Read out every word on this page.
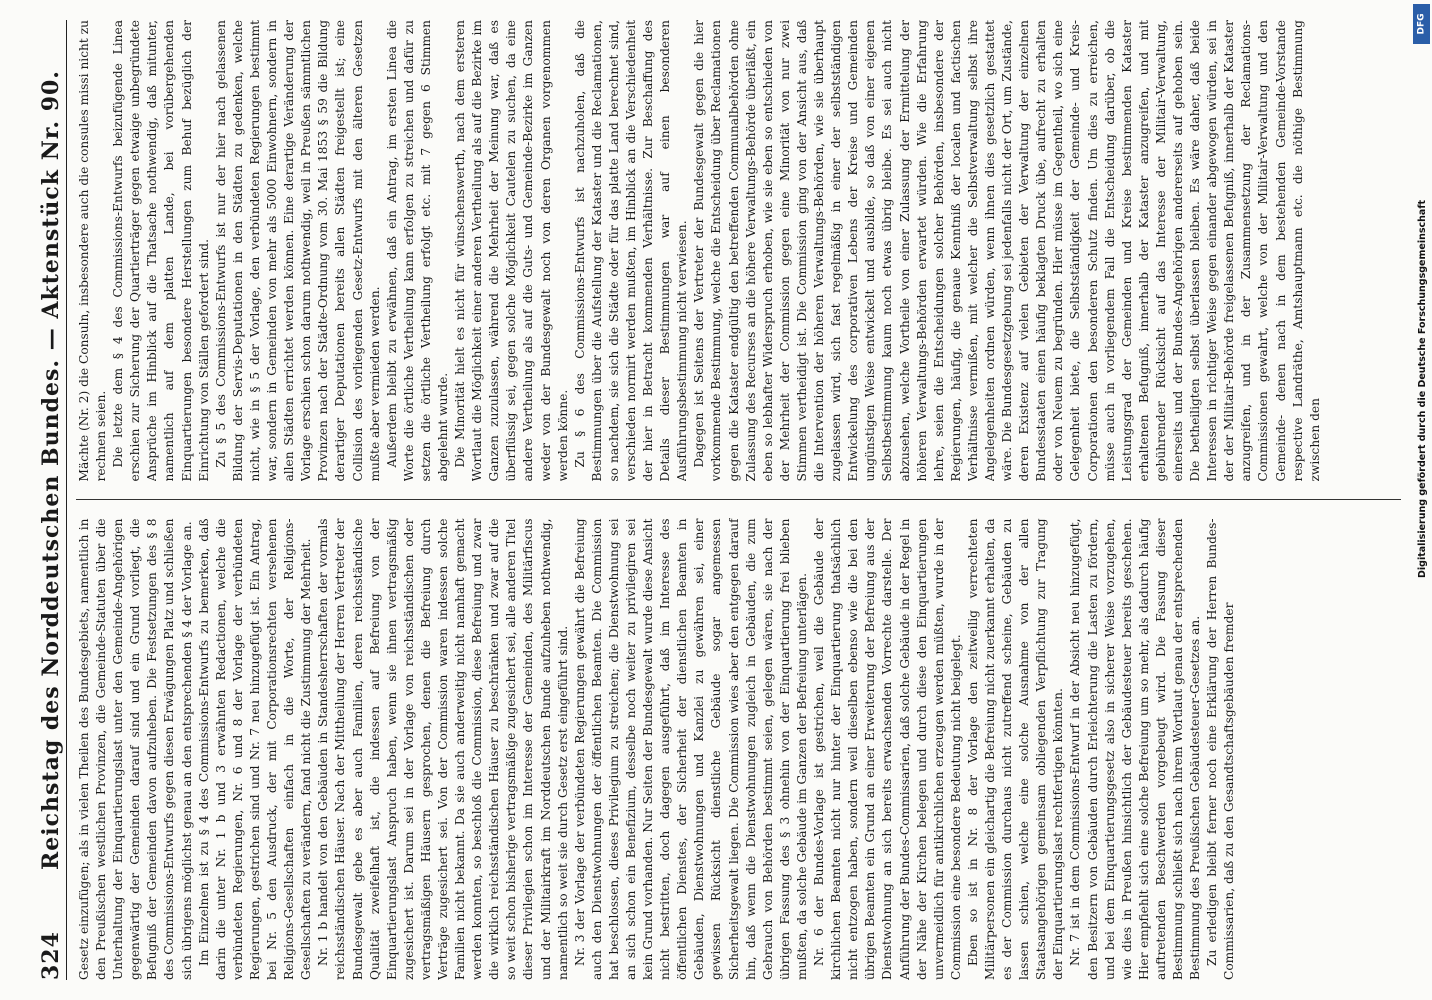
324
Reichstag des Norddeutschen Bundes. — Aktenstück Nr. 90.

Gesetz einzufügen; als in vielen Theilen des Bundesgebiets, namentlich in den Preußischen westlichen Provinzen, die Gemeinde-Statuten über die Unterhaltung der Einquartierungslast unter den Gemeinde-Angehörigen gegenwärtig der Gemeinden darauf sind und ein Grund vorliegt, die Befugniß der Gemeinden davon aufzuheben. Die Festsetzungen des § 8 des Commissions-Entwurfs gegen diesen Erwägungen Platz und schließen sich übrigens möglichst genau an den entsprechenden § 4 der Vorlage an. Im Einzelnen ist zu § 4 des Commissions-Entwurfs zu bemerken, daß darin die unter Nr. 1 b und 3 erwähnten Redactionen, welche die verbündeten Regierungen, Nr. 6 und 8 der Vorlage der verbündeten Regierungen, gestrichen sind und Nr. 7 neu hinzugefügt ist. Ein Antrag, bei Nr. 5 den Ausdruck, der mit Corporationsrechten versehenen Religions-Gesellschaften einfach in die Worte, der Religions-Gesellschaften zu verändern, fand nicht die Zustimmung der Mehrheit. Nr. 1 b handelt von den Gebäuden in Standesherrschaften der vormals reichsständischen Häuser. Nach der Mittheilung der Herren Vertreter der Bundesgewalt gebe es aber auch Familien, deren reichsständische Qualität zweifelhaft ist, die indessen auf Befreiung von der Einquartierungslast Anspruch haben, wenn sie ihnen vertragsmäßig zugesichert ist. Darum sei in der Vorlage von reichsständischen oder vertragsmäßigen Häusern gesprochen, denen die Befreiung durch Verträge zugesichert sei. Von der Commission waren indessen solche Familien nicht bekannt. Da sie auch anderweitig nicht namhaft gemacht werden konnten, so beschloß die Commission, diese Befreiung und zwar die wirklich reichsständischen Häuser zu beschränken und zwar auf die so weit schon bisherige vertragsmäßige zugesichert sei, alle anderen Titel dieser Privilegien schon im Interesse der Gemeinden, des Militärfiscus und der Militairkraft im Norddeutschen Bunde aufzuheben nothwendig, namentlich so weit sie durch Gesetz erst eingeführt sind. Nr. 3 der Vorlage der verbündeten Regierungen gewährt die Befreiung auch den Dienstwohnungen der öffentlichen Beamten. Die Commission hat beschlossen, dieses Privilegium zu streichen; die Dienstwohnung sei an sich schon ein Benefizium, desselbe noch weiter zu privilegiren sei kein Grund vorhanden. Nur Seiten der Bundesgewalt wurde diese Ansicht nicht bestritten, doch dagegen ausgeführt, daß im Interesse des öffentlichen Dienstes, der Sicherheit der dienstlichen Beamten in Gebäuden, Dienstwohnungen und Kanzlei zu gewähren sei, einer gewissen Rücksicht dienstliche Gebäude sogar angemessen Sicherheitsgewalt liegen. Die Commission wies aber den entgegen darauf hin, daß wenn die Dienstwohnungen zugleich in Gebäuden, die zum Gebrauch von Behörden bestimmt seien, gelegen wären, sie nach der übrigen Fassung des § 3 ohnehin von der Einquartierung frei blieben mußten, da solche Gebäude im Ganzen der Befreiung unterlägen. Nr. 6 der Bundes-Vorlage ist gestrichen, weil die Gebäude der kirchlichen Beamten nicht nur hinter der Einquartierung thatsächlich nicht entzogen haben, sondern weil dieselben ebenso wie die bei den übrigen Beamten ein Grund an einer Erweiterung der Befreiung aus der Dienstwohnung an sich bereits erwachsenden Vorrechte darstelle. Der Anführung der Bundes-Commissarien, daß solche Gebäude in der Regel in der Nähe der Kirchen belegen und durch diese den Einquartierungen unvermeidlich für antikirchlichen erzeugen werden müßten, wurde in der Commission eine besondere Bedeutung nicht beigelegt. Eben so ist in Nr. 8 der Vorlage den zeitweilig verrechteten Militärpersonen ein gleichartig die Befreiung nicht zuerkannt erhalten, da es der Commission durchaus nicht zutreffend scheine, Gebäuden zu lassen schien, welche eine solche Ausnahme von der allen Staatsangehörigen gemeinsam obliegenden Verpflichtung zur Tragung der Einquartierungslast rechtfertigen könnten. Nr. 7 ist in dem Commissions-Entwurf in der Absicht neu hinzugefügt, den Besitzern von Gebäuden durch Erleichterung die Lasten zu fördern, und bei dem Einquartierungsgesetz also in sicherer Weise vorzugehen, wie dies in Preußen hinsichtlich der Gebäudesteuer bereits geschehen. Hier empfiehlt sich eine solche Befreiung um so mehr, als dadurch häufig auftretenden Beschwerden vorgebeugt wird. Die Fassung dieser Bestimmung schließt sich nach ihrem Wortlaut genau der entsprechenden Bestimmung des Preußischen Gebäudesteuer-Gesetzes an. Zu erledigen bleibt ferner noch eine Erklärung der Herren Bundes-Commissarien, daß zu den Gesandtschaftsgebäuden fremder

Mächte (Nr. 2) die Consuln, insbesondere auch die consules missi nicht zu rechnen seien. Die letzte dem § 4 des Commissions-Entwurfs beizufügende Linea erschien zur Sicherung der Quartierträger gegen etwaige unbegründete Ansprüche im Hinblick auf die Thatsache nothwendig, daß mitunter, namentlich auf dem platten Lande, bei vorübergehenden Einquartierungen besondere Herstellungen zum Behuf bezüglich der Einrichtung von Ställen gefordert sind. Zu § 5 des Commissions-Entwurfs ist nur der hier nach gelassenen Bildung der Servis-Deputationen in den Städten zu gedenken, welche nicht, wie in § 5 der Vorlage, den verbündeten Regierungen bestimmt war, sondern in Gemeinden von mehr als 5000 Einwohnern, sondern in allen Städten errichtet werden können. Eine derartige Veränderung der Vorlage erschien schon darum nothwendig, weil in Preußen sämmtlichen Provinzen nach der Städte-Ordnung vom 30. Mai 1853 § 59 die Bildung derartiger Deputationen bereits allen Städten freigestellt ist; eine Collision des vorliegenden Gesetz-Entwurfs mit den älteren Gesetzen mußte aber vermieden werden. Außerdem bleibt zu erwähnen, daß ein Antrag, im ersten Linea die Worte die örtliche Vertheilung kann erfolgen zu streichen und dafür zu setzen die örtliche Vertheilung erfolgt etc. mit 7 gegen 6 Stimmen abgelehnt wurde. Die Minorität hielt es nicht für wünschenswerth, nach dem ersteren Wortlaut die Möglichkeit einer anderen Vertheilung als auf die Bezirke im Ganzen zuzulassen, während die Mehrheit der Meinung war, daß es überflüssig sei, gegen solche Möglichkeit Cautelen zu suchen, da eine andere Vertheilung als auf die Guts- und Gemeinde-Bezirke im Ganzen weder von der Bundesgewalt noch von deren Organen vorgenommen werden könne. Zu § 6 des Commissions-Entwurfs ist nachzuholen, daß die Bestimmungen über die Aufstellung der Kataster und die Reclamationen, so nachdem, sie sich die Städte oder für das platte Land berechnet sind, verschieden normirt werden mußten, im Hinblick an die Verschiedenheit der hier in Betracht kommenden Verhältnisse. Zur Beschaffung des Details dieser Bestimmungen war auf einen besonderen Ausführungsbestimmung nicht verwiesen. Dagegen ist Seitens der Vertreter der Bundesgewalt gegen die hier vorkommende Bestimmung, welche die Entscheidung über Reclamationen gegen die Kataster endgültig den betreffenden Communalbehörden ohne Zulassung des Recurses an die höhere Verwaltungs-Behörde überläßt, ein eben so lebhafter Widerspruch erhoben, wie sie eben so entschieden von der Mehrheit der Commission gegen eine Minorität von nur zwei Stimmen vertheidigt ist. Die Commission ging von der Ansicht aus, daß die Intervention der höheren Verwaltungs-Behörden, wie sie überhaupt zugelassen wird, sich fast regelmäßig in einer der selbstständigen Entwickelung des corporativen Lebens der Kreise und Gemeinden ungünstigen Weise entwickelt und ausbilde, so daß von einer eigenen Selbstbestimmung kaum noch etwas übrig bleibe. Es sei auch nicht abzusehen, welche Vortheile von einer Zulassung der Ermittelung der höheren Verwaltungs-Behörden erwartet würden. Wie die Erfahrung lehre, seien die Entscheidungen solcher Behörden, insbesondere der Regierungen, häufig, die genaue Kenntniß der localen und factischen Verhältnisse vermißen, mit welcher die Selbstverwaltung selbst ihre Angelegenheiten ordnen würden, wenn ihnen dies gesetzlich gestattet wäre. Die Bundesgesetzgebung sei jedenfalls nicht der Ort, um Zustände, deren Existenz auf vielen Gebieten der Verwaltung der einzelnen Bundesstaaten einen häufig beklagten Druck übe, aufrecht zu erhalten oder von Neuem zu begründen. Hier müsse im Gegentheil, wo sich eine Gelegenheit biete, die Selbstständigkeit der Gemeinde- und Kreis-Corporationen den besonderen Schutz finden. Um dies zu erreichen, müsse auch in vorliegendem Fall die Entscheidung darüber, ob die Leistungsgrad der Gemeinden und Kreise bestimmenden Kataster erhaltenen Befugniß, innerhalb der Kataster anzugreifen, und mit gebührender Rücksicht auf das Interesse der Militair-Verwaltung, einerseits und der Bundes-Angehörigen andererseits auf gehoben sein. Die betheiligten selbst überlassen bleiben. Es wäre daher, daß beide Interessen in richtiger Weise gegen einander abgewogen würden, sei in der der Militair-Behörde freigelassenen Befugniß, innerhalb der Kataster anzugreifen, und in der Zusammensetzung der Reclamations-Commissionen gewahrt, welche von der Militair-Verwaltung und den Gemeinde- denen nach in dem bestehenden Gemeinde-Vorstande respective Landräthe, Amtshauptmann etc. die nöthige Bestimmung zwischen den

DFG
Digitalisierung gefördert durch die Deutsche Forschungsgemeinschaft
